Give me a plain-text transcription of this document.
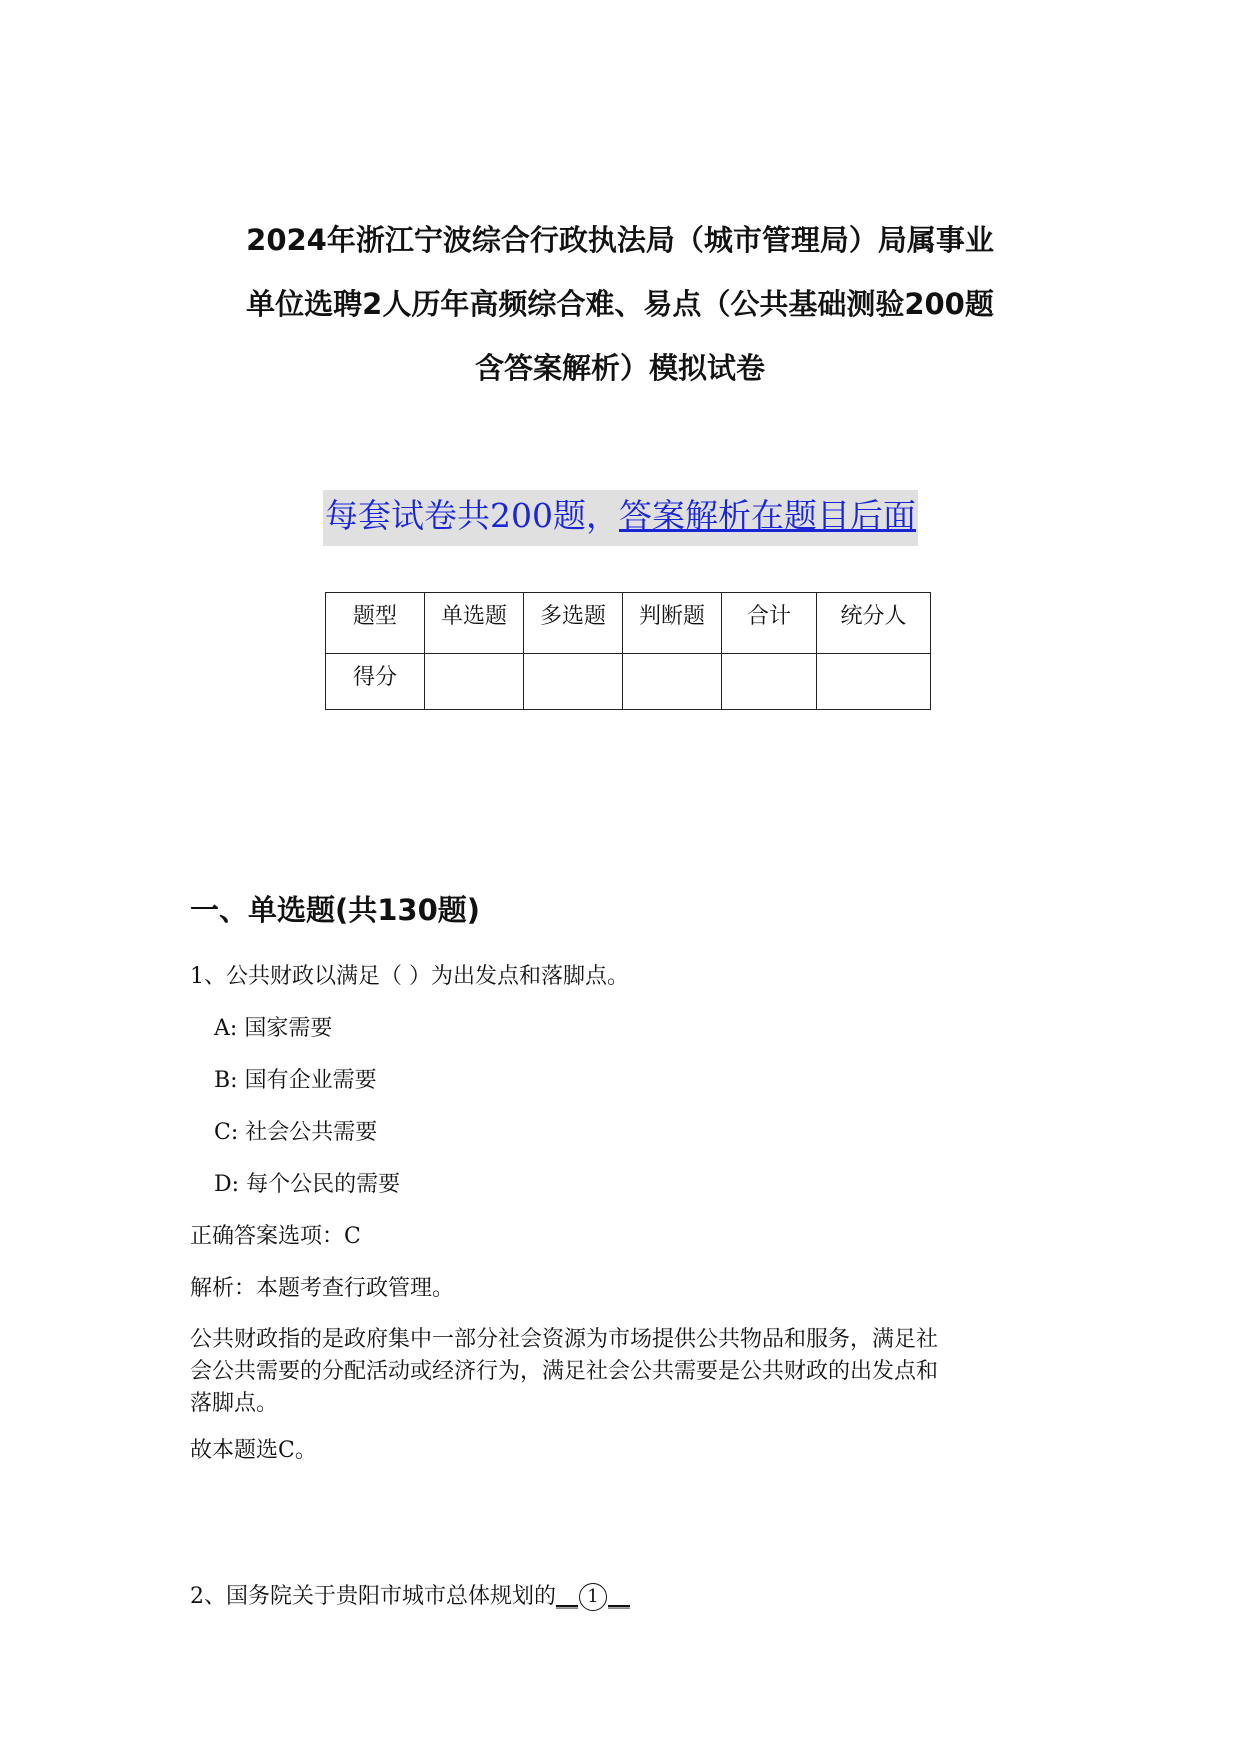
2024年浙江宁波综合行政执法局（城市管理局）局属事业
单位选聘2人历年高频综合难、易点（公共基础测验200题
含答案解析）模拟试卷
每套试卷共200题，答案解析在题目后面
题型	单选题	多选题	判断题	合计	统分人
得分					
一、单选题(共130题)
1、公共财政以满足（ ）为出发点和落脚点。
A: 国家需要
B: 国有企业需要
C: 社会公共需要
D: 每个公民的需要
正确答案选项：C
解析：本题考查行政管理。
公共财政指的是政府集中一部分社会资源为市场提供公共物品和服务，满足社
会公共需要的分配活动或经济行为，满足社会公共需要是公共财政的出发点和
落脚点。
故本题选C。
2、国务院关于贵阳市城市总体规划的__ 1 __
